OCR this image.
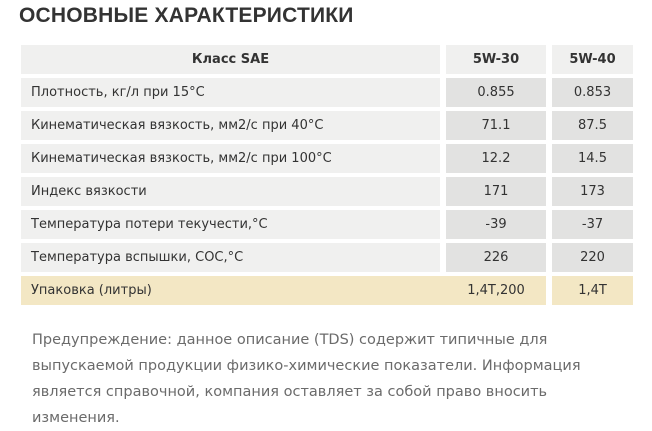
ОСНОВНЫЕ ХАРАКТЕРИСТИКИ
Класс SAE		5W-30		5W-40
Плотность, кг/л при 15°C		0.855		0.853
Кинематическая вязкость, мм2/с при 40°C		71.1		87.5
Кинематическая вязкость, мм2/с при 100°C		12.2		14.5
Индекс вязкости		171		173
Температура потери текучести,°C		-39		-37
Температура вспышки, COC,°C		226		220
Упаковка (литры)		1,4T,200		1,4T
Предупреждение: данное описание (TDS) содержит типичные для выпускаемой продукции физико-химические показатели. Информация является справочной, компания оставляет за собой право вносить изменения.
